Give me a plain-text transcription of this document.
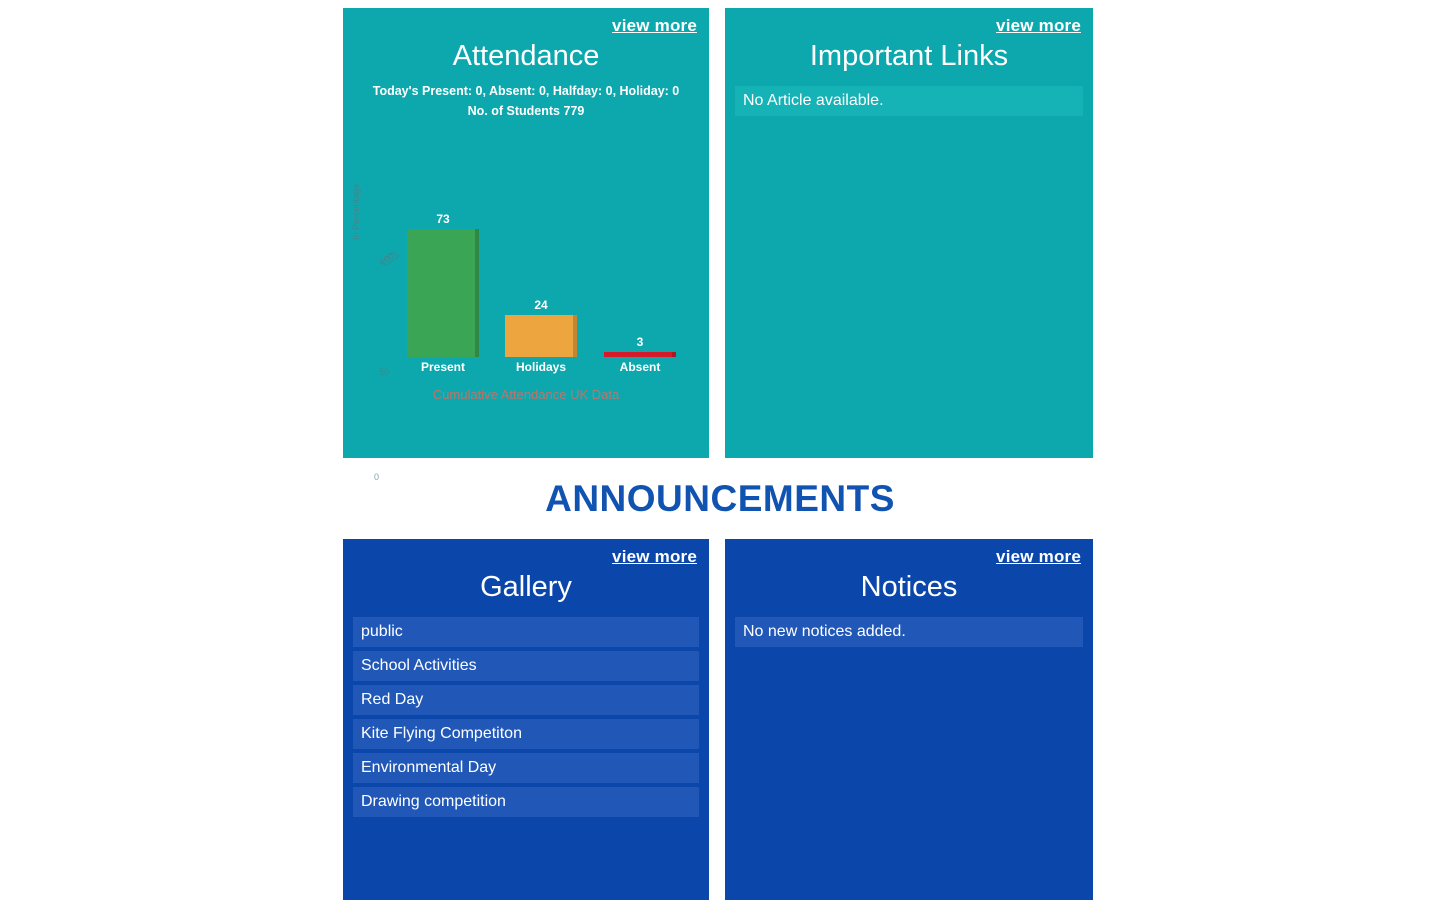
view more
Attendance
Today's Present: 0, Absent: 0, Halfday: 0, Holiday: 0
No. of Students 779
In Percentage
100
50
0
73
Present
24
Holidays
3
Absent
Cumulative Attendance UK Data
view more
Important Links
No Article available.
ANNOUNCEMENTS
view more
Gallery
public
School Activities
Red Day
Kite Flying Competiton
Environmental Day
Drawing competition
view more
Notices
No new notices added.
